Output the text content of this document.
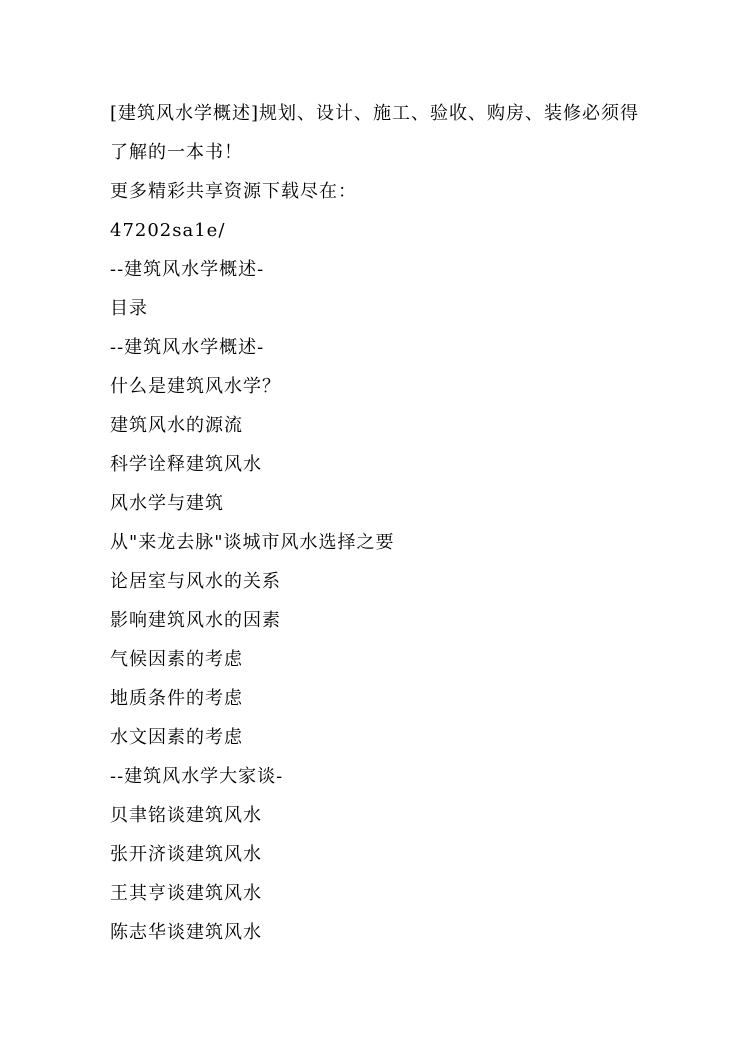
[建筑风水学概述]规划、设计、施工、验收、购房、装修必须得
了解的一本书！
更多精彩共享资源下载尽在：
47202sa1e/
--建筑风水学概述-
目录
--建筑风水学概述-
什么是建筑风水学？
建筑风水的源流
科学诠释建筑风水
风水学与建筑
从"来龙去脉"谈城市风水选择之要
论居室与风水的关系
影响建筑风水的因素
气候因素的考虑
地质条件的考虑
水文因素的考虑
--建筑风水学大家谈-
贝聿铭谈建筑风水
张开济谈建筑风水
王其亨谈建筑风水
陈志华谈建筑风水
